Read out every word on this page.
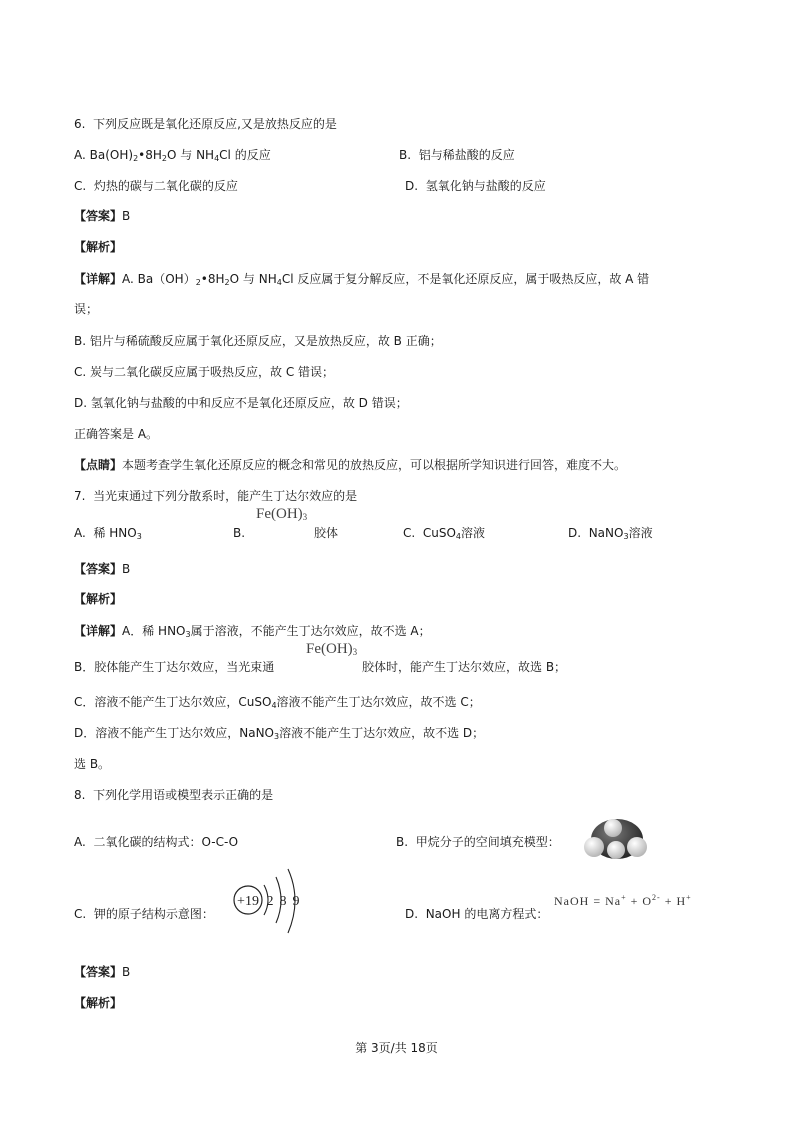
6. 下列反应既是氧化还原反应,又是放热反应的是
A. $Ba(OH)_2•8H_2O$ 与 $NH_4Cl$ 的反应	B. 铝与稀盐酸的反应
C. 灼热的碳与二氧化碳的反应	D. 氢氧化钠与盐酸的反应
【答案】B
【解析】
【详解】A. $Ba(OH)_2•8H_2O$ 与 $NH_4Cl$ 反应属于复分解反应，不是氧化还原反应，属于吸热反应，故 A 错
误；
B. 铝片与稀硫酸反应属于氧化还原反应，又是放热反应，故 B 正确；
C. 炭与二氧化碳反应属于吸热反应，故 C 错误；
D. 氢氧化钠与盐酸的中和反应不是氧化还原反应，故 D 错误；
正确答案是 A。
【点睛】本题考查学生氧化还原反应的概念和常见的放热反应，可以根据所学知识进行回答，难度不大。
7. 当光束通过下列分散系时，能产生丁达尔效应的是
A. 稀 $HNO_3$	B.
$Fe(OH)_3$
胶体	C. CuSO$_4$溶液	D. NaNO$_3$溶液
【答案】B
【解析】
【详解】A．稀 $HNO_3$属于溶液，不能产生丁达尔效应，故不选 A；
B．胶体能产生丁达尔效应，当光束通
$Fe(OH)_3$
胶体时，能产生丁达尔效应，故选 B；
C．溶液不能产生丁达尔效应，CuSO$_4$溶液不能产生丁达尔效应，故不选 C；
D．溶液不能产生丁达尔效应，NaNO$_3$溶液不能产生丁达尔效应，故不选 D；
选 B。
8. 下列化学用语或模型表示正确的是
A. 二氧化碳的结构式：O-C-O	B. 甲烷分子的空间填充模型：
C. 钾的原子结构示意图：
+19 2 8 9
D. NaOH 的电离方程式：
NaOH = $Na^+ + O^{2-} + H^+$
【答案】B
【解析】
第 3页/共 18页
